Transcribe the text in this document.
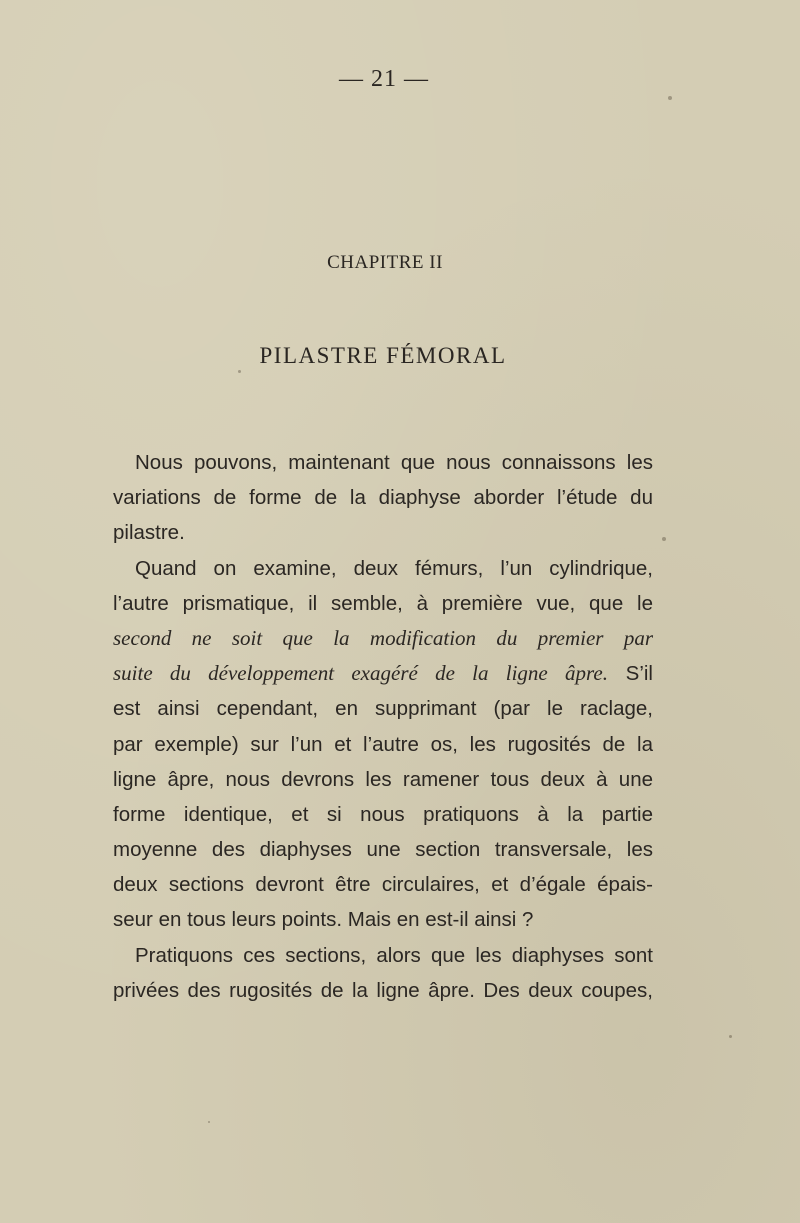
— 21 —
CHAPITRE II
PILASTRE FÉMORAL
Nous pouvons, maintenant que nous connaissons les
variations de forme de la diaphyse aborder l’étude du
pilastre.
Quand on examine, deux fémurs, l’un cylindrique,
l’autre prismatique, il semble, à première vue, que le
second ne soit que la modification du premier par
suite du développement exagéré de la ligne âpre. S’il
est ainsi cependant, en supprimant (par le raclage,
par exemple) sur l’un et l’autre os, les rugosités de la
ligne âpre, nous devrons les ramener tous deux à une
forme identique, et si nous pratiquons à la partie
moyenne des diaphyses une section transversale, les
deux sections devront être circulaires, et d’égale épais-
seur en tous leurs points. Mais en est-il ainsi ?
Pratiquons ces sections, alors que les diaphyses sont
privées des rugosités de la ligne âpre. Des deux coupes,
